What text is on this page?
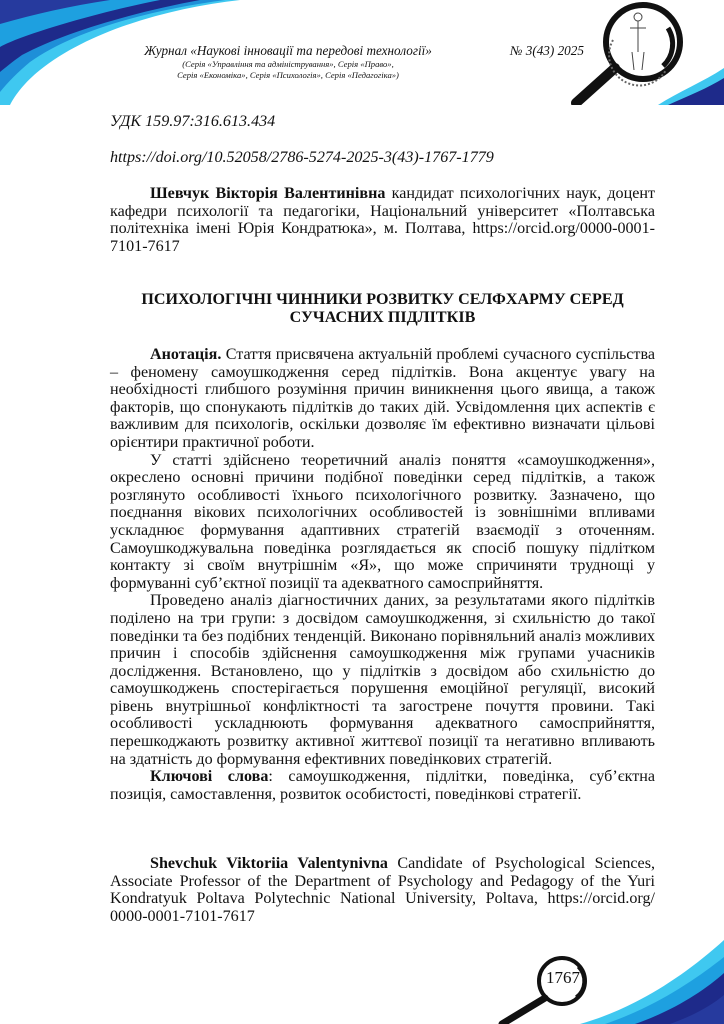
Журнал «Наукові інновації та передові технології»
(Серія «Управління та адміністрування», Серія «Право»,
Серія «Економіка», Серія «Психологія», Серія «Педагогіка»)
№ 3(43) 2025
УДК 159.97:316.613.434
https://doi.org/10.52058/2786-5274-2025-3(43)-1767-1779

Шевчук Вікторія Валентинівна кандидат психологічних наук, доцент кафедри психології та педагогіки, Національний університет «Полтавська політехніка імені Юрія Кондратюка», м. Полтава, https://orcid.org/0000-0001-7101-7617

ПСИХОЛОГІЧНІ ЧИННИКИ РОЗВИТКУ СЕЛФХАРМУ СЕРЕД

СУЧАСНИХ ПІДЛІТКІВ

Анотація. Стаття присвячена актуальній проблемі сучасного суспільства – феномену самоушкодження серед підлітків. Вона акцентує увагу на необхідності глибшого розуміння причин виникнення цього явища, а також факторів, що спонукають підлітків до таких дій. Усвідомлення цих аспектів є важливим для психологів, оскільки дозволяє їм ефективно визначати цільові орієнтири практичної роботи.

У статті здійснено теоретичний аналіз поняття «самоушкодження», окреслено основні причини подібної поведінки серед підлітків, а також розглянуто особливості їхнього психологічного розвитку. Зазначено, що поєднання вікових психологічних особливостей із зовнішніми впливами ускладнює формування адаптивних стратегій взаємодії з оточенням. Самоушкоджувальна поведінка розглядається як спосіб пошуку підлітком контакту зі своїм внутрішнім «Я», що може спричиняти труднощі у формуванні суб’єктної позиції та адекватного самосприйняття.

Проведено аналіз діагностичних даних, за результатами якого підлітків поділено на три групи: з досвідом самоушкодження, зі схильністю до такої поведінки та без подібних тенденцій. Виконано порівняльний аналіз можливих причин і способів здійснення самоушкодження між групами учасників дослідження. Встановлено, що у підлітків з досвідом або схильністю до самоушкоджень спостерігається порушення емоційної регуляції, високий рівень внутрішньої конфліктності та загострене почуття провини. Такі особливості ускладнюють формування адекватного самосприйняття, перешкоджають розвитку активної життєвої позиції та негативно впливають на здатність до формування ефективних поведінкових стратегій.

Ключові слова: самоушкодження, підлітки, поведінка, суб’єктна позиція, самоставлення, розвиток особистості, поведінкові стратегії.

Shevchuk Viktoriia Valentynivna Candidate of Psychological Sciences, Associate Professor of the Department of Psychology and Pedagogy of the Yuri Kondratyuk Poltava Polytechnic National University, Poltava, https://orcid.org/ 0000-0001-7101-7617

1767
